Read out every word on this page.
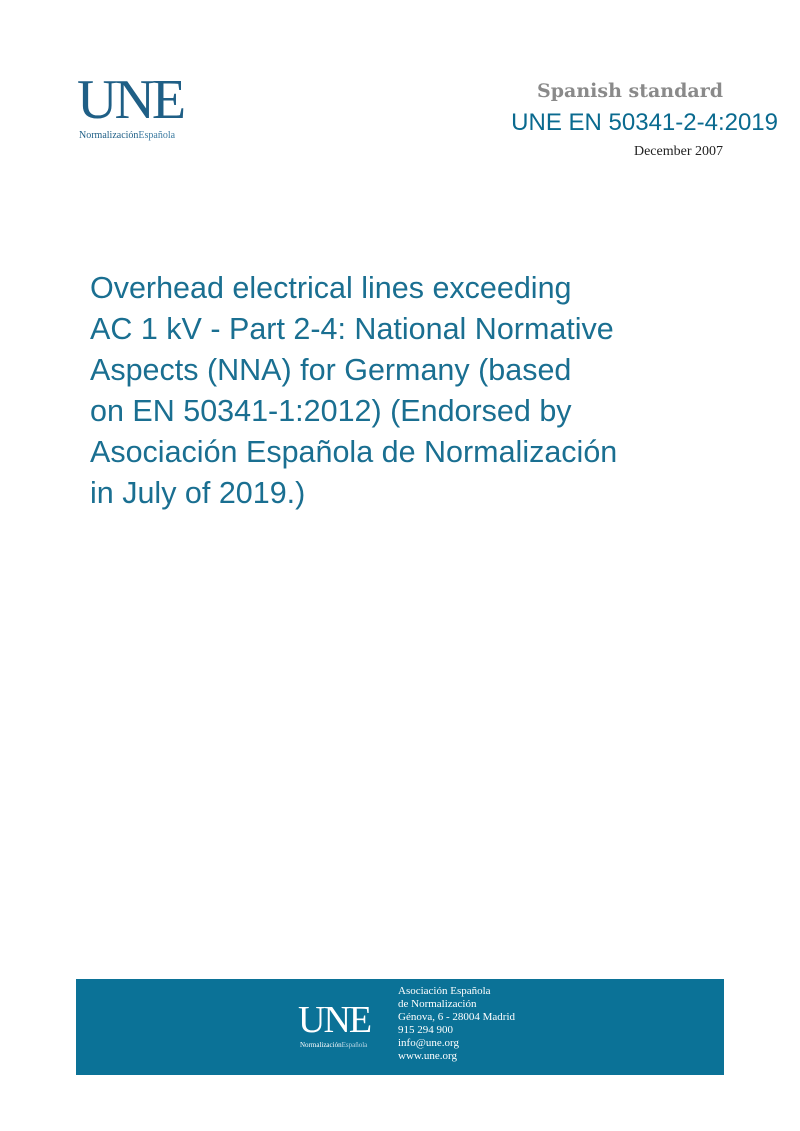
UNE
NormalizaciónEspañola
Spanish standard
UNE EN 50341-2-4:2019
December 2007
Overhead electrical lines exceeding
AC 1 kV - Part 2-4: National Normative
Aspects (NNA) for Germany (based
on EN 50341-1:2012) (Endorsed by
Asociación Española de Normalización
in July of 2019.)
UNE
NormalizaciónEspañola
Asociación Española
de Normalización
Génova, 6 - 28004 Madrid
915 294 900
info@une.org
www.une.org
